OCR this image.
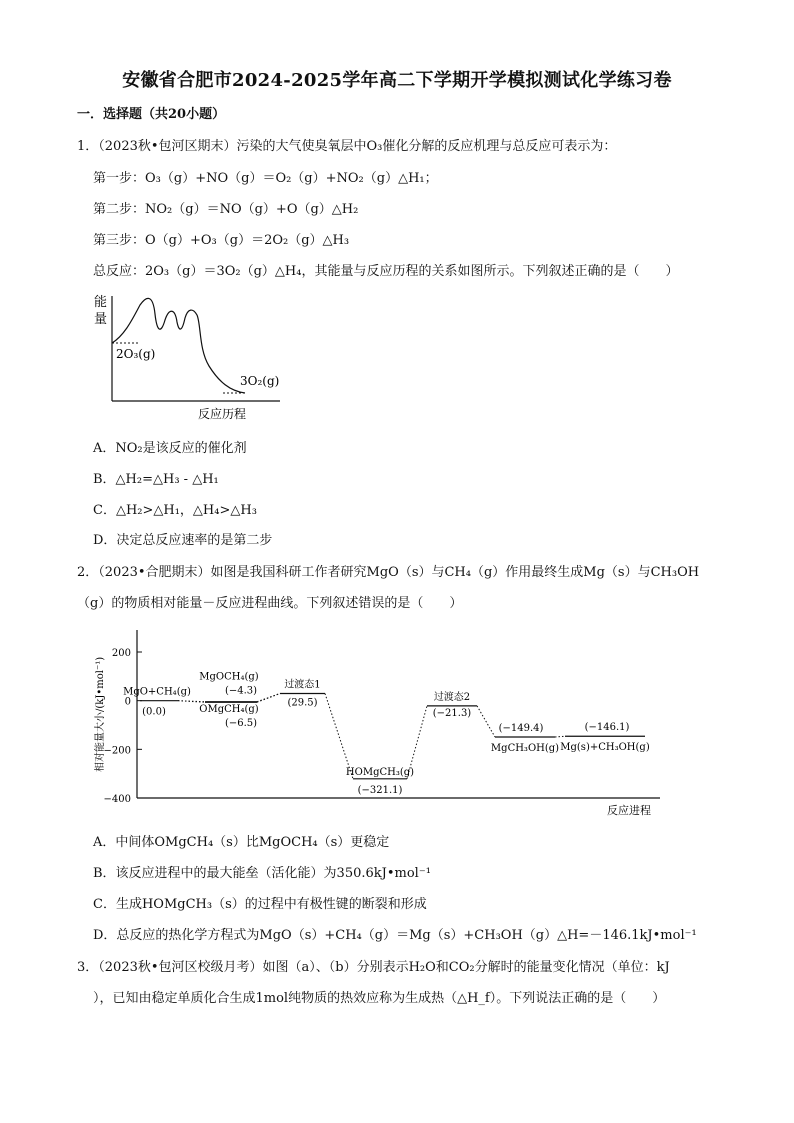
安徽省合肥市2024-2025学年高二下学期开学模拟测试化学练习卷
一．选择题（共20小题）
1．（2023秋•包河区期末）污染的大气使臭氧层中O₃催化分解的反应机理与总反应可表示为：
第一步：O₃（g）+NO（g）＝O₂（g）+NO₂（g）△H₁；
第二步：NO₂（g）＝NO（g）+O（g）△H₂
第三步：O（g）+O₃（g）＝2O₂（g）△H₃
总反应：2O₃（g）＝3O₂（g）△H₄，其能量与反应历程的关系如图所示。下列叙述正确的是（　　）
能
量
2O₃(g)
3O₂(g)
反应历程
A．NO₂是该反应的催化剂
B．△H₂=△H₃ - △H₁
C．△H₂>△H₁，△H₄>△H₃
D．决定总反应速率的是第二步
2．（2023•合肥期末）如图是我国科研工作者研究MgO（s）与CH₄（g）作用最终生成Mg（s）与CH₃OH
（g）的物质相对能量－反应进程曲线。下列叙述错误的是（　　）
相对能量大小/(kJ•mol⁻¹)
反应进程
200
0
−200
−400
MgO+CH₄(g)
(0.0)
MgOCH₄(g)
(−4.3)
OMgCH₄(g)
(−6.5)
过渡态1
(29.5)
HOMgCH₃(g)
(−321.1)
过渡态2
(−21.3)
MgCH₃OH(g)
(−149.4)
Mg(s)+CH₃OH(g)
(−146.1)
A．中间体OMgCH₄（s）比MgOCH₄（s）更稳定
B．该反应进程中的最大能垒（活化能）为350.6kJ•mol⁻¹
C．生成HOMgCH₃（s）的过程中有极性键的断裂和形成
D．总反应的热化学方程式为MgO（s）+CH₄（g）＝Mg（s）+CH₃OH（g）△H=－146.1kJ•mol⁻¹
3．（2023秋•包河区校级月考）如图（a）、（b）分别表示H₂O和CO₂分解时的能量变化情况（单位：kJ
），已知由稳定单质化合生成1mol纯物质的热效应称为生成热（△H_f）。下列说法正确的是（　　）
